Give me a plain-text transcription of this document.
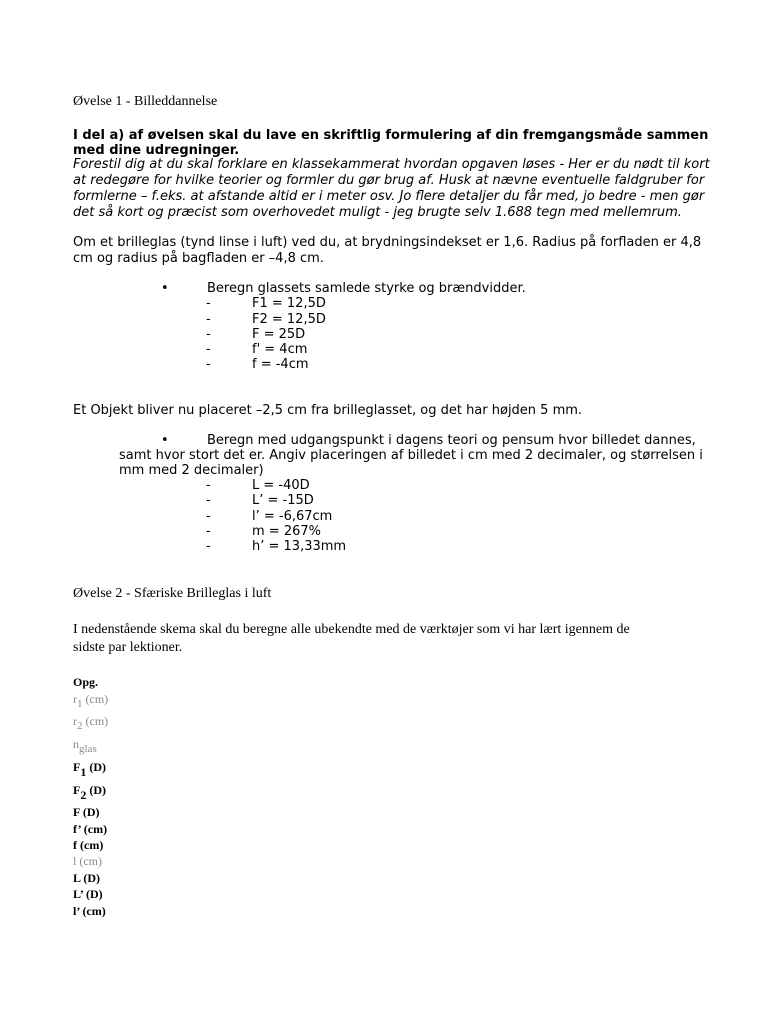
Øvelse 1 - Billeddannelse
I del a) af øvelsen skal du lave en skriftlig formulering af din fremgangsmåde sammen
med dine udregninger.
Forestil dig at du skal forklare en klassekammerat hvordan opgaven løses - Her er du nødt til kort
at redegøre for hvilke teorier og formler du gør brug af. Husk at nævne eventuelle faldgruber for
formlerne – f.eks. at afstande altid er i meter osv. Jo flere detaljer du får med, jo bedre - men gør
det så kort og præcist som overhovedet muligt - jeg brugte selv 1.688 tegn med mellemrum.
Om et brilleglas (tynd linse i luft) ved du, at brydningsindekset er 1,6. Radius på forfladen er 4,8
cm og radius på bagfladen er –4,8 cm.
•	Beregn glassets samlede styrke og brændvidder.
-	F1 = 12,5D
-	F2 = 12,5D
-	F = 25D
-	f' = 4cm
-	f = -4cm
Et Objekt bliver nu placeret –2,5 cm fra brilleglasset, og det har højden 5 mm.
•	Beregn med udgangspunkt i dagens teori og pensum hvor billedet dannes,
samt hvor stort det er. Angiv placeringen af billedet i cm med 2 decimaler, og størrelsen i
mm med 2 decimaler)
-	L = -40D
-	L’ = -15D
-	l’ = -6,67cm
-	m = 267%
-	h’ = 13,33mm
Øvelse 2 - Sfæriske Brilleglas i luft
I nedenstående skema skal du beregne alle ubekendte med de værktøjer som vi har lært igennem de
sidste par lektioner.
Opg.
r1 (cm)
r2 (cm)
nglas
F1 (D)
F2 (D)
F (D)
f’ (cm)
f (cm)
l (cm)
L (D)
L’ (D)
l’ (cm)
